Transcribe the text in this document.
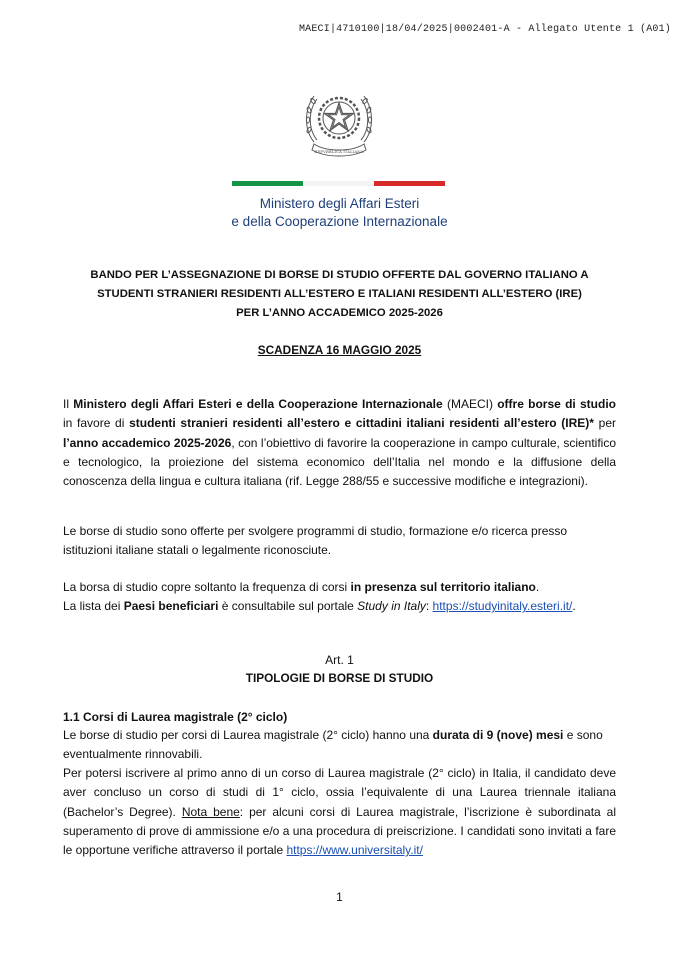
MAECI|4710100|18/04/2025|0002401-A - Allegato Utente 1 (A01)
REPVBBLICA ITALIANA
Ministero degli Affari Esteri
e della Cooperazione Internazionale
BANDO PER L’ASSEGNAZIONE DI BORSE DI STUDIO OFFERTE DAL GOVERNO ITALIANO A
STUDENTI STRANIERI RESIDENTI ALL’ESTERO E ITALIANI RESIDENTI ALL’ESTERO (IRE)
PER L’ANNO ACCADEMICO 2025-2026
SCADENZA 16 MAGGIO 2025
Il Ministero degli Affari Esteri e della Cooperazione Internazionale (MAECI) offre borse di studio in favore di studenti stranieri residenti all’estero e cittadini italiani residenti all’estero (IRE)* per l’anno accademico 2025-2026, con l’obiettivo di favorire la cooperazione in campo culturale, scientifico e tecnologico, la proiezione del sistema economico dell’Italia nel mondo e la diffusione della conoscenza della lingua e cultura italiana (rif. Legge 288/55 e successive modifiche e integrazioni).
Le borse di studio sono offerte per svolgere programmi di studio, formazione e/o ricerca presso istituzioni italiane statali o legalmente riconosciute.
La borsa di studio copre soltanto la frequenza di corsi in presenza sul territorio italiano.
La lista dei Paesi beneficiari è consultabile sul portale Study in Italy: https://studyinitaly.esteri.it/.
Art. 1
TIPOLOGIE DI BORSE DI STUDIO
1.1 Corsi di Laurea magistrale (2° ciclo)
Le borse di studio per corsi di Laurea magistrale (2° ciclo) hanno una durata di 9 (nove) mesi e sono eventualmente rinnovabili.
Per potersi iscrivere al primo anno di un corso di Laurea magistrale (2° ciclo) in Italia, il candidato deve aver concluso un corso di studi di 1° ciclo, ossia l’equivalente di una Laurea triennale italiana (Bachelor’s Degree). Nota bene: per alcuni corsi di Laurea magistrale, l’iscrizione è subordinata al superamento di prove di ammissione e/o a una procedura di preiscrizione. I candidati sono invitati a fare le opportune verifiche attraverso il portale https://www.universitaly.it/
1
